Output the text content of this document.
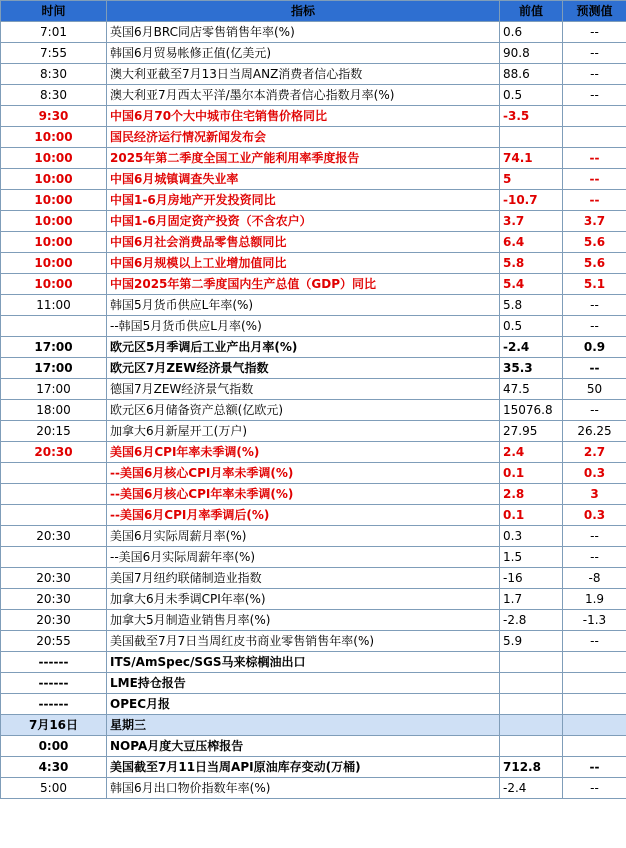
时间	指标	前值	预测值
7:01	英国6月BRC同店零售销售年率(%)	0.6	--
7:55	韩国6月贸易帐修正值(亿美元)	90.8	--
8:30	澳大利亚截至7月13日当周ANZ消费者信心指数	88.6	--
8:30	澳大利亚7月西太平洋/墨尔本消费者信心指数月率(%)	0.5	--
9:30	中国6月70个大中城市住宅销售价格同比	-3.5	
10:00	国民经济运行情况新闻发布会		
10:00	2025年第二季度全国工业产能利用率季度报告	74.1	--
10:00	中国6月城镇调查失业率	5	--
10:00	中国1-6月房地产开发投资同比	-10.7	--
10:00	中国1-6月固定资产投资（不含农户）	3.7	3.7
10:00	中国6月社会消费品零售总额同比	6.4	5.6
10:00	中国6月规模以上工业增加值同比	5.8	5.6
10:00	中国2025年第二季度国内生产总值（GDP）同比	5.4	5.1
11:00	韩国5月货币供应L年率(%)	5.8	--
	--韩国5月货币供应L月率(%)	0.5	--
17:00	欧元区5月季调后工业产出月率(%)	-2.4	0.9
17:00	欧元区7月ZEW经济景气指数	35.3	--
17:00	德国7月ZEW经济景气指数	47.5	50
18:00	欧元区6月储备资产总额(亿欧元)	15076.8	--
20:15	加拿大6月新屋开工(万户)	27.95	26.25
20:30	美国6月CPI年率未季调(%)	2.4	2.7
	--美国6月核心CPI月率未季调(%)	0.1	0.3
	--美国6月核心CPI年率未季调(%)	2.8	3
	--美国6月CPI月率季调后(%)	0.1	0.3
20:30	美国6月实际周薪月率(%)	0.3	--
	--美国6月实际周薪年率(%)	1.5	--
20:30	美国7月纽约联储制造业指数	-16	-8
20:30	加拿大6月未季调CPI年率(%)	1.7	1.9
20:30	加拿大5月制造业销售月率(%)	-2.8	-1.3
20:55	美国截至7月7日当周红皮书商业零售销售年率(%)	5.9	--
------	ITS/AmSpec/SGS马来棕榈油出口		
------	LME持仓报告		
------	OPEC月报		
7月16日	星期三		
0:00	NOPA月度大豆压榨报告		
4:30	美国截至7月11日当周API原油库存变动(万桶)	712.8	--
5:00	韩国6月出口物价指数年率(%)	-2.4	--
